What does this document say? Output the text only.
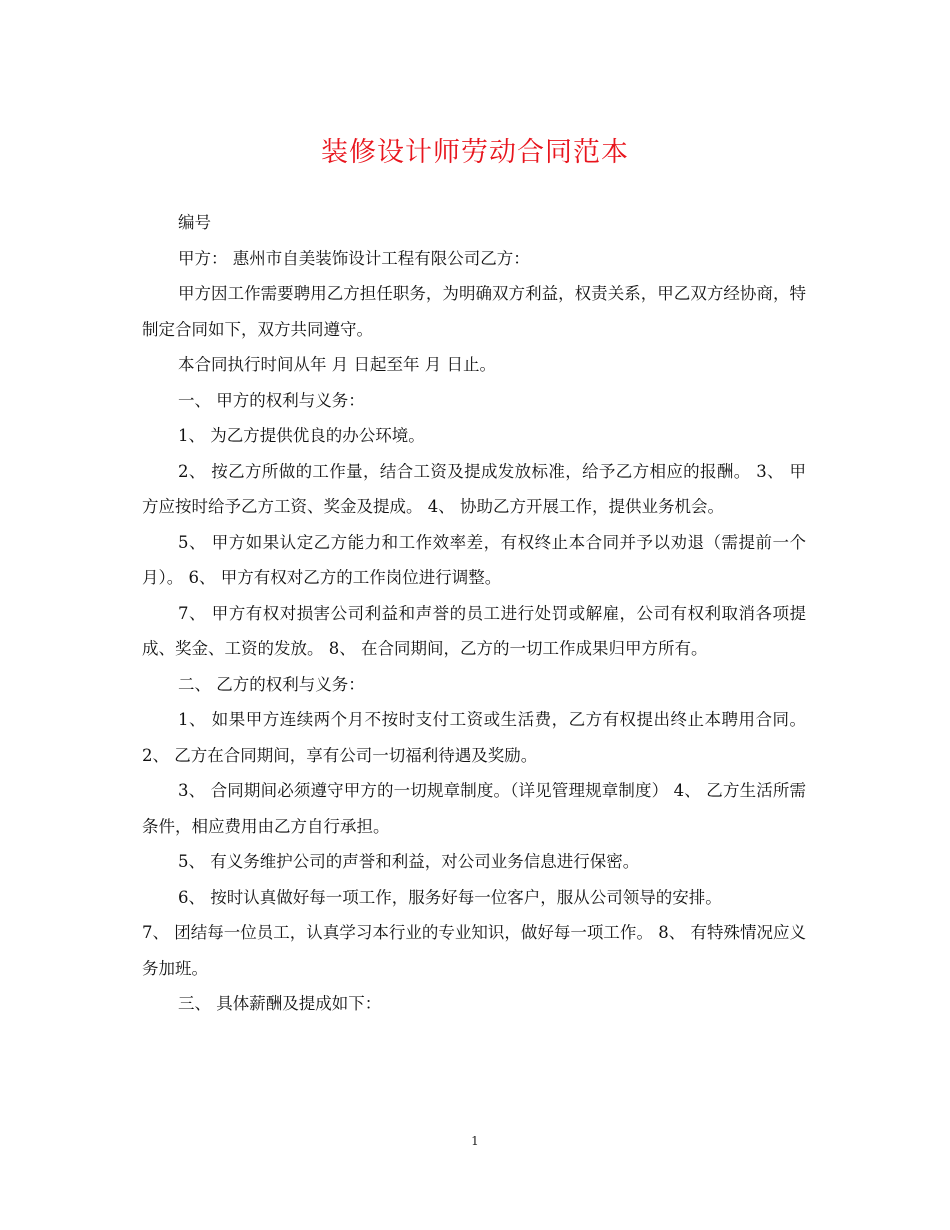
装修设计师劳动合同范本

编号

甲方： 惠州市自美装饰设计工程有限公司乙方：

甲方因工作需要聘用乙方担任职务，为明确双方利益，权责关系，甲乙双方经协商，特制定合同如下，双方共同遵守。

本合同执行时间从年 月 日起至年 月 日止。

一、 甲方的权利与义务：

1、 为乙方提供优良的办公环境。

2、 按乙方所做的工作量，结合工资及提成发放标准，给予乙方相应的报酬。 3、 甲方应按时给予乙方工资、奖金及提成。 4、 协助乙方开展工作，提供业务机会。

5、 甲方如果认定乙方能力和工作效率差，有权终止本合同并予以劝退（需提前一个月）。 6、 甲方有权对乙方的工作岗位进行调整。

7、 甲方有权对损害公司利益和声誉的员工进行处罚或解雇，公司有权利取消各项提成、奖金、工资的发放。 8、 在合同期间，乙方的一切工作成果归甲方所有。

二、 乙方的权利与义务：

1、 如果甲方连续两个月不按时支付工资或生活费，乙方有权提出终止本聘用合同。 2、 乙方在合同期间，享有公司一切福利待遇及奖励。

3、 合同期间必须遵守甲方的一切规章制度。（详见管理规章制度） 4、 乙方生活所需条件，相应费用由乙方自行承担。

5、 有义务维护公司的声誉和利益，对公司业务信息进行保密。

6、 按时认真做好每一项工作，服务好每一位客户，服从公司领导的安排。

7、 团结每一位员工，认真学习本行业的专业知识，做好每一项工作。 8、 有特殊情况应义务加班。

三、 具体薪酬及提成如下：

1
